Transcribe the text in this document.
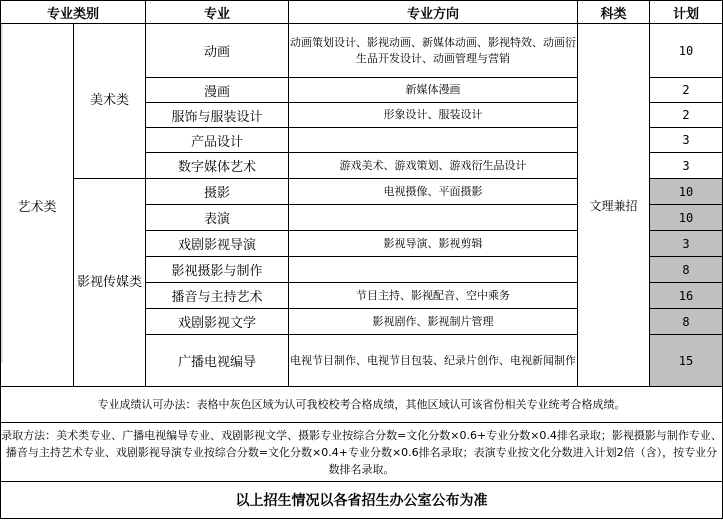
专业类别		专业	专业方向	科类	计划
艺术类	美术类	动画	动画策划设计、影视动画、新媒体动画、影视特效、动画衍生品开发设计、动画管理与营销	文理兼招	10
		漫画	新媒体漫画		2
		服饰与服装设计	形象设计、服装设计		2
		产品设计			3
		数字媒体艺术	游戏美术、游戏策划、游戏衍生品设计		3
	影视传媒类	摄影	电视摄像、平面摄影		10
		表演			10
		戏剧影视导演	影视导演、影视剪辑		3
		影视摄影与制作			8
		播音与主持艺术	节目主持、影视配音、空中乘务		16
		戏剧影视文学	影视剧作、影视制片管理		8
		广播电视编导	电视节目制作、电视节目包装、纪录片创作、电视新闻制作		15
专业成绩认可办法：表格中灰色区域为认可我校校考合格成绩，其他区域认可该省份相关专业统考合格成绩。					
录取方法：美术类专业、广播电视编导专业、戏剧影视文学、摄影专业按综合分数=文化分数×0.6+专业分数×0.4排名录取；影视摄影与制作专业、播音与主持艺术专业、戏剧影视导演专业按综合分数=文化分数×0.4+专业分数×0.6排名录取；表演专业按文化分数进入计划2倍（含），按专业分数排名录取。					
以上招生情况以各省招生办公室公布为准					
